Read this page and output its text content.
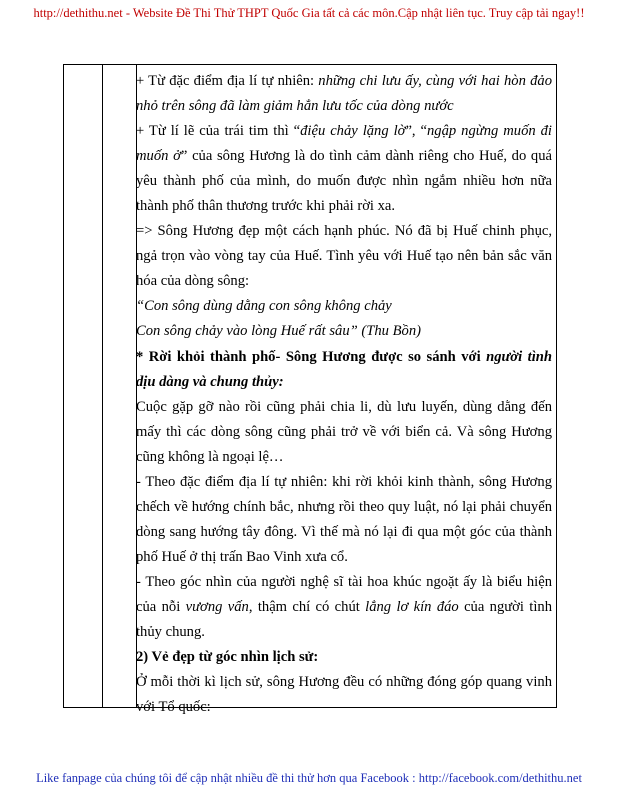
http://dethithu.net - Website Đề Thi Thử THPT Quốc Gia tất cả các môn.Cập nhật liên tục. Truy cập tải ngay!!

+ Từ đặc điểm địa lí tự nhiên: những chi lưu ấy, cùng với hai hòn đảo nhỏ trên sông đã làm giảm hẳn lưu tốc của dòng nước

+ Từ lí lẽ của trái tim thì “điệu chảy lặng lờ”, “ngập ngừng muốn đi muốn ở” của sông Hương là do tình cảm dành riêng cho Huế, do quá yêu thành phố của mình, do muốn được nhìn ngắm nhiều hơn nữa thành phố thân thương trước khi phải rời xa.

=> Sông Hương đẹp một cách hạnh phúc. Nó đã bị Huế chinh phục, ngả trọn vào vòng tay của Huế. Tình yêu với Huế tạo nên bản sắc văn hóa của dòng sông:

“Con sông dùng dằng con sông không chảy

Con sông chảy vào lòng Huế rất sâu” (Thu Bồn)

* Rời khỏi thành phố- Sông Hương được so sánh với người tình dịu dàng và chung thủy:

Cuộc gặp gỡ nào rồi cũng phải chia li, dù lưu luyến, dùng dằng đến mấy thì các dòng sông cũng phải trở về với biển cả. Và sông Hương cũng không là ngoại lệ…

- Theo đặc điểm địa lí tự nhiên: khi rời khỏi kinh thành, sông Hương chếch về hướng chính bắc, nhưng rồi theo quy luật, nó lại phải chuyển dòng sang hướng tây đông. Vì thế mà nó lại đi qua một góc của thành phố Huế ở thị trấn Bao Vinh xưa cổ.

- Theo góc nhìn của người nghệ sĩ tài hoa khúc ngoặt ấy là biểu hiện của nỗi vương vấn, thậm chí có chút lẳng lơ kín đáo của người tình thủy chung.

2) Vẻ đẹp từ góc nhìn lịch sử:

Ở mỗi thời kì lịch sử, sông Hương đều có những đóng góp quang vinh với Tổ quốc:

Like fanpage của chúng tôi để cập nhật nhiều đề thi thử hơn qua Facebook : http://facebook.com/dethithu.net
